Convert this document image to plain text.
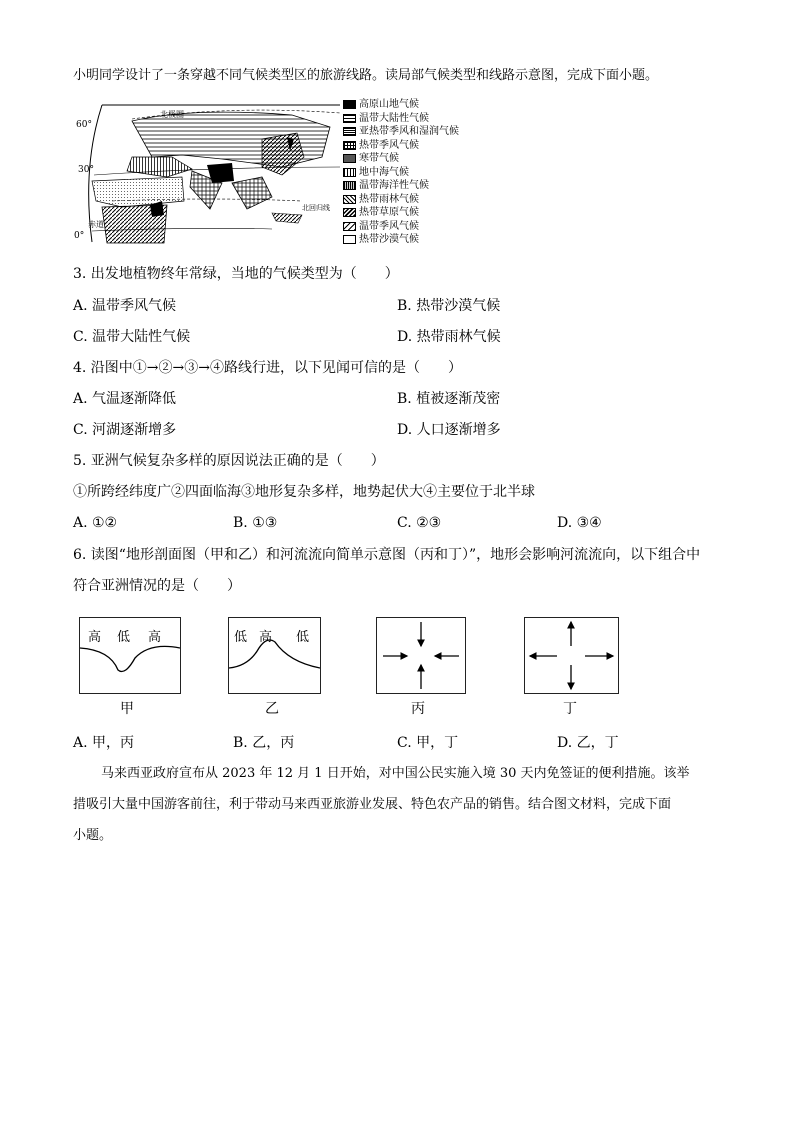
小明同学设计了一条穿越不同气候类型区的旅游线路。读局部气候类型和线路示意图，完成下面小题。
60°
30°
0°
北极圈
北回归线
赤道
高原山地气候
温带大陆性气候
亚热带季风和湿润气候
热带季风气候
寒带气候
地中海气候
温带海洋性气候
热带雨林气候
热带草原气候
温带季风气候
热带沙漠气候
3. 出发地植物终年常绿，当地的气候类型为（　　）
A. 温带季风气候	B. 热带沙漠气候
C. 温带大陆性气候	D. 热带雨林气候
4. 沿图中①→②→③→④路线行进，以下见闻可信的是（　　）
A. 气温逐渐降低	B. 植被逐渐茂密
C. 河湖逐渐增多	D. 人口逐渐增多
5. 亚洲气候复杂多样的原因说法正确的是（　　）
①所跨经纬度广②四面临海③地形复杂多样，地势起伏大④主要位于北半球
A. ①②	B. ①③	C. ②③	D. ③④
6. 读图“地形剖面图（甲和乙）和河流流向简单示意图（丙和丁）”，地形会影响河流流向，以下组合中
符合亚洲情况的是（　　）
高 低 高
甲
低 高 低
乙	丙	丁
A. 甲，丙	B. 乙，丙	C. 甲，丁	D. 乙，丁
马来西亚政府宣布从 2023 年 12 月 1 日开始，对中国公民实施入境 30 天内免签证的便利措施。该举
措吸引大量中国游客前往，利于带动马来西亚旅游业发展、特色农产品的销售。结合图文材料，完成下面
小题。
